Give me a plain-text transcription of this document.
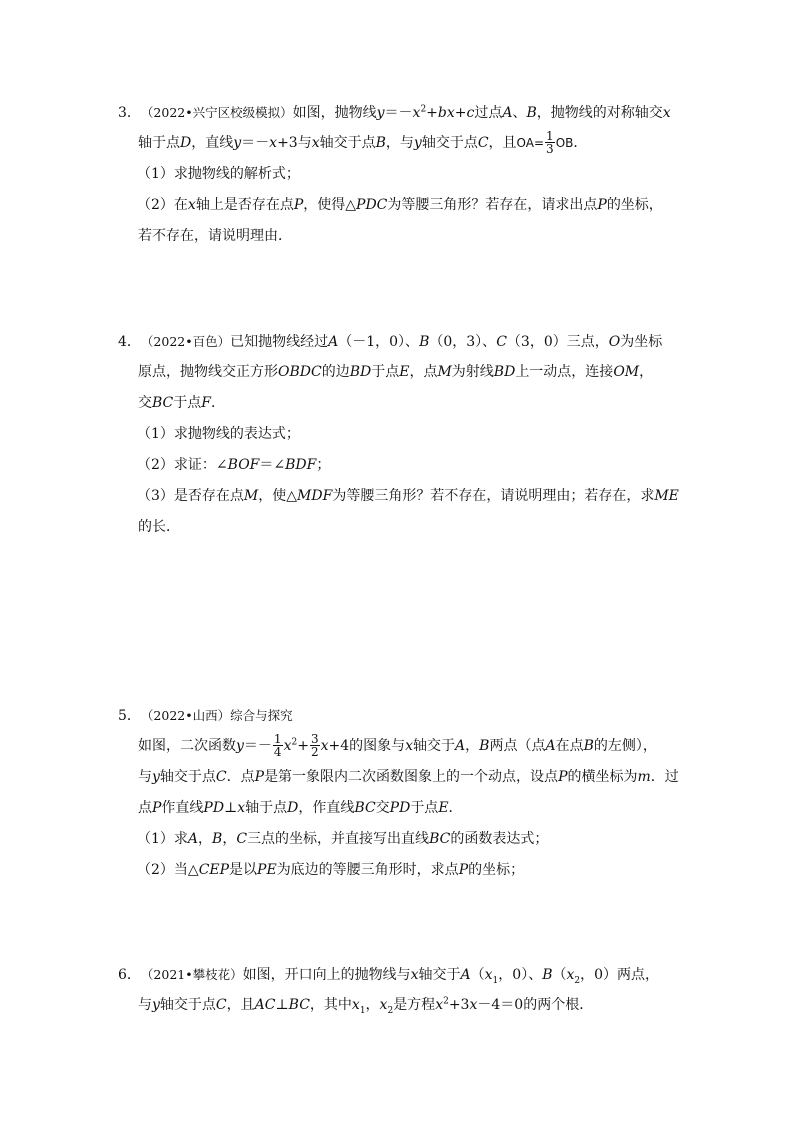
3．（2022•兴宁区校级模拟）如图，抛物线$y=-x^2+bx+c$过点A、B，抛物线的对称轴交x
轴于点D，直线y＝－x+3与x轴交于点B，与y轴交于点C，且$OA= \frac{1}{3}$ OB．
（1）求抛物线的解析式；
（2）在x轴上是否存在点P，使得△PDC为等腰三角形？若存在，请求出点P的坐标，
若不存在，请说明理由．
4．（2022•百色）已知抛物线经过A（－1，0）、B（0，3）、C（3，0）三点，O为坐标
原点，抛物线交正方形OBDC的边BD于点E，点M为射线BD上一动点，连接OM，
交BC于点F．
（1）求抛物线的表达式；
（2）求证：∠BOF＝∠BDF；
（3）是否存在点M，使△MDF为等腰三角形？若不存在，请说明理由；若存在，求ME
的长．
5．（2022•山西）综合与探究
如图，二次函数$y=- \frac{1}{4} x^2+ \frac{3}{2} x+4$的图象与x轴交于A，B两点（点A在点B的左侧），
与y轴交于点C．点P是第一象限内二次函数图象上的一个动点，设点P的横坐标为m．过
点P作直线PD⊥x轴于点D，作直线BC交PD于点E．
（1）求A，B，C三点的坐标，并直接写出直线BC的函数表达式；
（2）当△CEP是以PE为底边的等腰三角形时，求点P的坐标；
6．（2021•攀枝花）如图，开口向上的抛物线与x轴交于$A(x_1$，0）、$B(x_2$，0）两点，
与y轴交于点C，且AC⊥BC，其中$x_1$，$x_2$是方程$x^2+3x-4=0$的两个根．
